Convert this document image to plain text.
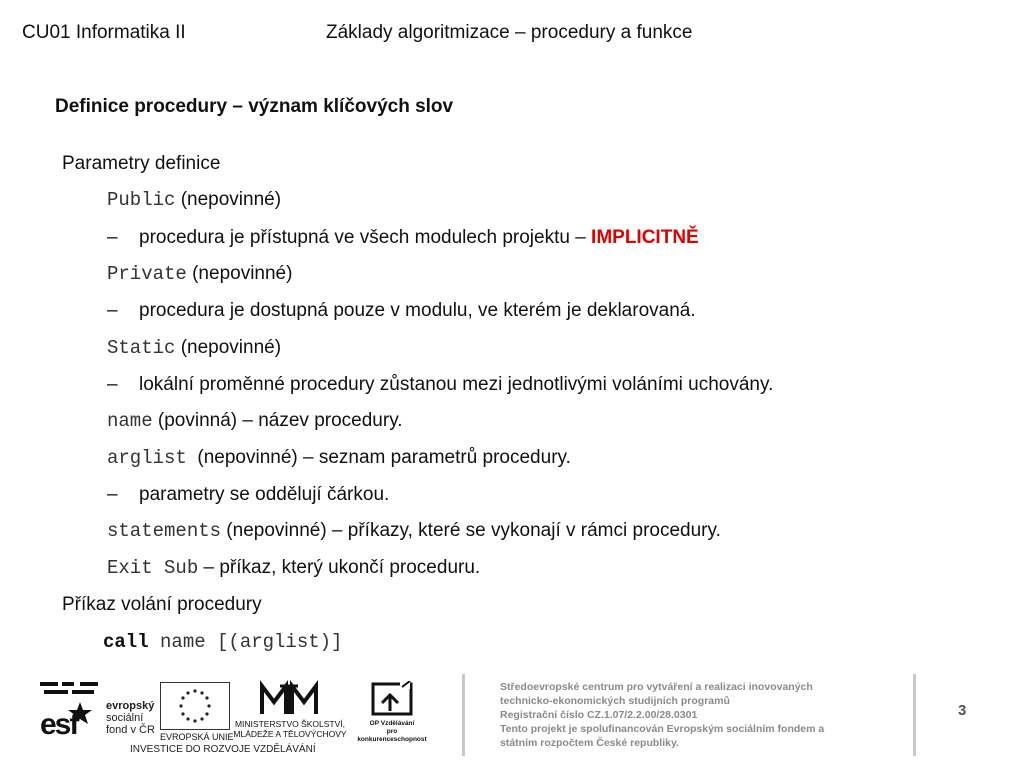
CU01 Informatika II	Základy algoritmizace – procedury a funkce
Definice procedury – význam klíčových slov
Parametry definice
Public (nepovinné)
– procedura je přístupná ve všech modulech projektu – IMPLICITNĚ
Private (nepovinné)
– procedura je dostupná pouze v modulu, ve kterém je deklarovaná.
Static (nepovinné)
– lokální proměnné procedury zůstanou mezi jednotlivými voláními uchovány.
name (povinná) – název procedury.
arglist  (nepovinné) – seznam parametrů procedury.
– parametry se oddělují čárkou.
statements (nepovinné) – příkazy, které se vykonají v rámci procedury.
Exit Sub – příkaz, který ukončí proceduru.
Příkaz volání procedury
call name [(arglist)]
esf
evropský
sociální
fond v ČR
EVROPSKÁ UNIE
MINISTERSTVO ŠKOLSTVÍ,
MLÁDEŽE A TĚLOVÝCHOVY
OP Vzdělávání
pro konkurenceschopnost
INVESTICE DO ROZVOJE VZDĚLÁVÁNÍ
Středoevropské centrum pro vytváření a realizaci inovovaných
technicko-ekonomických studijních programů
Registrační číslo CZ.1.07/2.2.00/28.0301
Tento projekt je spolufinancován Evropským sociálním fondem a
státním rozpočtem České republiky.
3
